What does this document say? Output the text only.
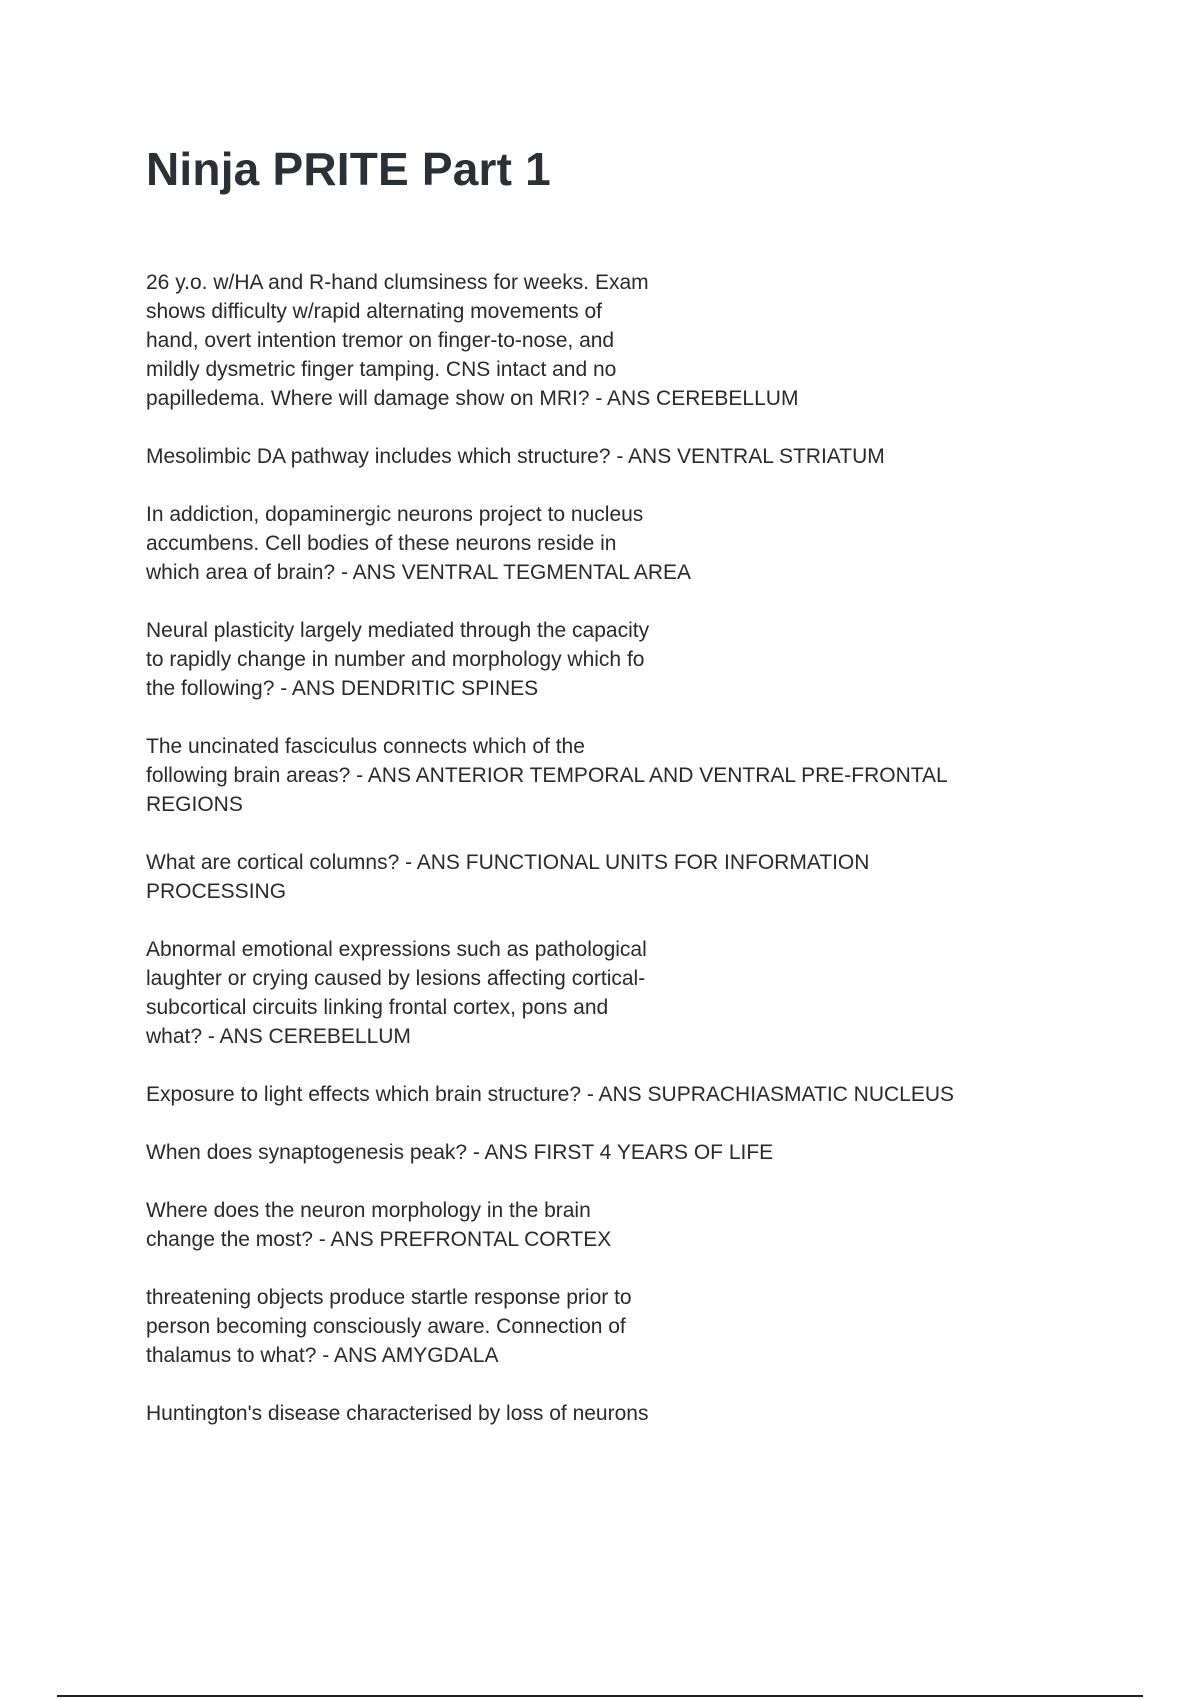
Ninja PRITE Part 1

26 y.o. w/HA and R-hand clumsiness for weeks. Exam
shows difficulty w/rapid alternating movements of
hand, overt intention tremor on finger-to-nose, and
mildly dysmetric finger tamping. CNS intact and no
papilledema. Where will damage show on MRI? - ANS CEREBELLUM

Mesolimbic DA pathway includes which structure? - ANS VENTRAL STRIATUM

In addiction, dopaminergic neurons project to nucleus
accumbens. Cell bodies of these neurons reside in
which area of brain? - ANS VENTRAL TEGMENTAL AREA

Neural plasticity largely mediated through the capacity
to rapidly change in number and morphology which fo
the following? - ANS DENDRITIC SPINES

The uncinated fasciculus connects which of the
following brain areas? - ANS ANTERIOR TEMPORAL AND VENTRAL PRE-FRONTAL
REGIONS

What are cortical columns? - ANS FUNCTIONAL UNITS FOR INFORMATION
PROCESSING

Abnormal emotional expressions such as pathological
laughter or crying caused by lesions affecting cortical-
subcortical circuits linking frontal cortex, pons and
what? - ANS CEREBELLUM

Exposure to light effects which brain structure? - ANS SUPRACHIASMATIC NUCLEUS

When does synaptogenesis peak? - ANS FIRST 4 YEARS OF LIFE

Where does the neuron morphology in the brain
change the most? - ANS PREFRONTAL CORTEX

threatening objects produce startle response prior to
person becoming consciously aware. Connection of
thalamus to what? - ANS AMYGDALA

Huntington's disease characterised by loss of neurons
